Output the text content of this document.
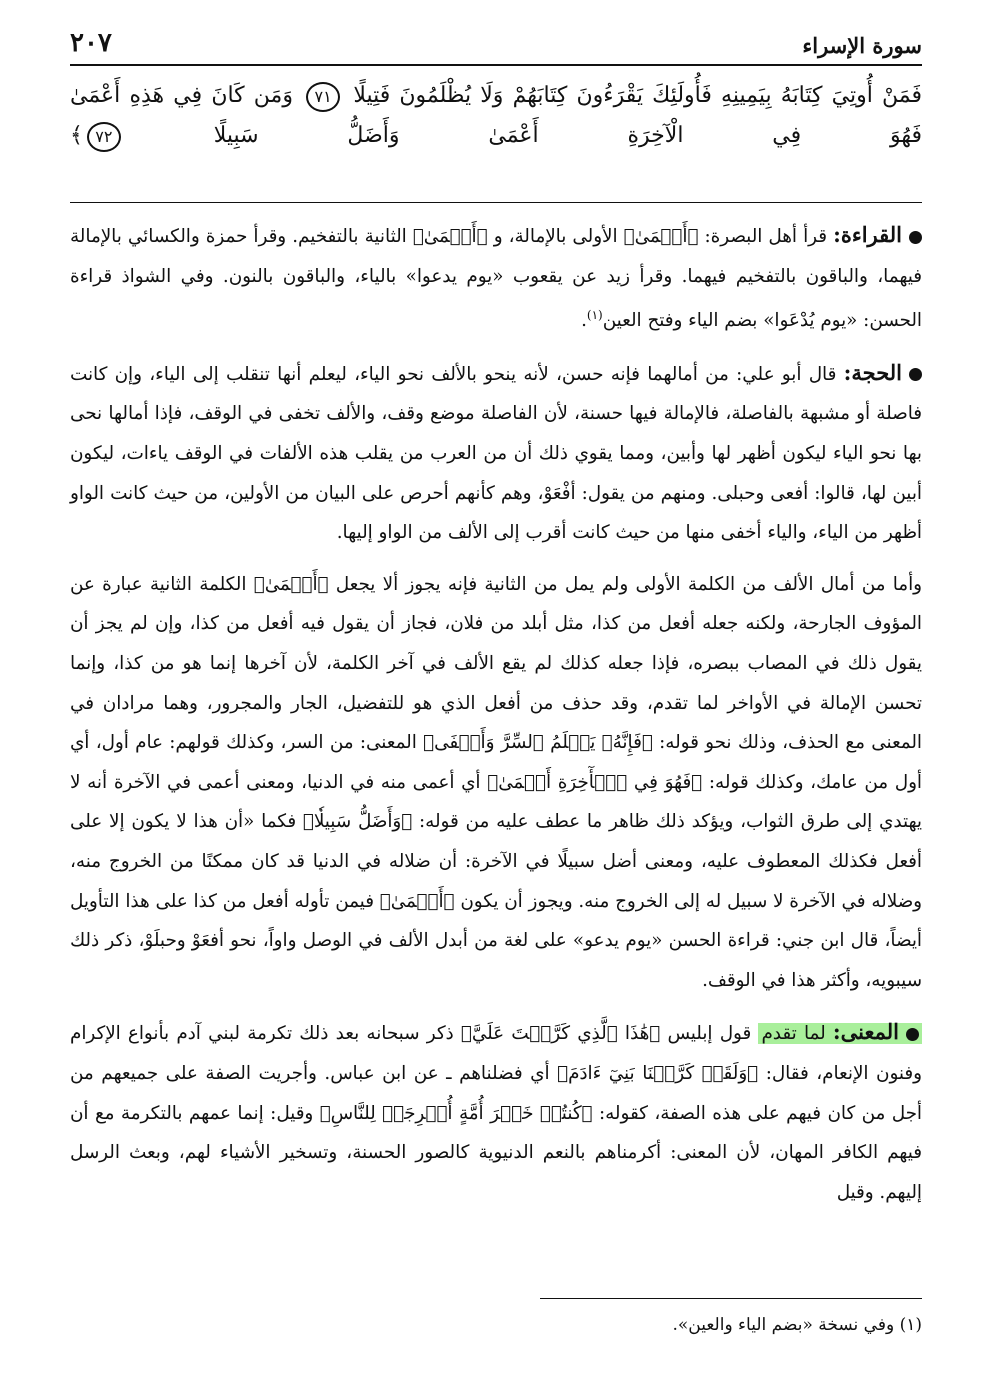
سورة الإسراء
٢٠٧
فَمَنْ أُوتِيَ كِتَابَهُ بِيَمِينِهِ فَأُولَئِكَ يَقْرَءُونَ كِتَابَهُمْ وَلَا يُظْلَمُونَ فَتِيلًا ٧١ وَمَن كَانَ فِي هَذِهِ أَعْمَىٰ فَهُوَ فِي الْآخِرَةِ أَعْمَىٰ وَأَضَلُّ سَبِيلًا ٧٢﴾

القراءة: قرأ أهل البصرة: ﴿أَعۡمَىٰ﴾ الأولى بالإمالة، و ﴿أَعۡمَىٰ﴾ الثانية بالتفخيم. وقرأ حمزة والكسائي بالإمالة فيهما، والباقون بالتفخيم فيهما. وقرأ زيد عن يقعوب «يوم يدعوا» بالياء، والباقون بالنون. وفي الشواذ قراءة الحسن: «يوم يُدْعَوا» بضم الياء وفتح العين$^{(١)}$.

الحجة: قال أبو علي: من أمالهما فإنه حسن، لأنه ينحو بالألف نحو الياء، ليعلم أنها تنقلب إلى الياء، وإن كانت فاصلة أو مشبهة بالفاصلة، فالإمالة فيها حسنة، لأن الفاصلة موضع وقف، والألف تخفى في الوقف، فإذا أمالها نحى بها نحو الياء ليكون أظهر لها وأبين، ومما يقوي ذلك أن من العرب من يقلب هذه الألفات في الوقف ياءات، ليكون أبين لها، قالوا: أفعى وحبلى. ومنهم من يقول: أفْعَوْ، وهم كأنهم أحرص على البيان من الأولين، من حيث كانت الواو أظهر من الياء، والياء أخفى منها من حيث كانت أقرب إلى الألف من الواو إليها.

وأما من أمال الألف من الكلمة الأولى ولم يمل من الثانية فإنه يجوز ألا يجعل ﴿أَعۡمَىٰ﴾ الكلمة الثانية عبارة عن المؤوف الجارحة، ولكنه جعله أفعل من كذا، مثل أبلد من فلان، فجاز أن يقول فيه أفعل من كذا، وإن لم يجز أن يقول ذلك في المصاب ببصره، فإذا جعله كذلك لم يقع الألف في آخر الكلمة، لأن آخرها إنما هو من كذا، وإنما تحسن الإمالة في الأواخر لما تقدم، وقد حذف من أفعل الذي هو للتفضيل، الجار والمجرور، وهما مرادان في المعنى مع الحذف، وذلك نحو قوله: ﴿فَإِنَّهُۥ يَعۡلَمُ ٱلسِّرَّ وَأَخۡفَى﴾ المعنى: من السر، وكذلك قولهم: عام أول، أي أول من عامك، وكذلك قوله: ﴿فَهُوَ فِي ٱلۡأٓخِرَةِ أَعۡمَىٰ﴾ أي أعمى منه في الدنيا، ومعنى أعمى في الآخرة أنه لا يهتدي إلى طرق الثواب، ويؤكد ذلك ظاهر ما عطف عليه من قوله: ﴿وَأَضَلُّ سَبِيلٗا﴾ فكما «أن هذا لا يكون إلا على أفعل فكذلك المعطوف عليه، ومعنى أضل سبيلًا في الآخرة: أن ضلاله في الدنيا قد كان ممكنًا من الخروج منه، وضلاله في الآخرة لا سبيل له إلى الخروج منه. ويجوز أن يكون ﴿أَعۡمَىٰ﴾ فيمن تأوله أفعل من كذا على هذا التأويل أيضاً، قال ابن جني: قراءة الحسن «يوم يدعو» على لغة من أبدل الألف في الوصل واواً، نحو أفعَوْ وحبلَوْ، ذكر ذلك سيبويه، وأكثر هذا في الوقف.

المعنى: لما تقدم قول إبليس ﴿هَٰذَا ٱلَّذِي كَرَّمۡتَ عَلَيَّ﴾ ذكر سبحانه بعد ذلك تكرمة لبني آدم بأنواع الإكرام وفنون الإنعام، فقال: ﴿وَلَقَدۡ كَرَّمۡنَا بَنِيٓ ءَادَمَ﴾ أي فضلناهم ـ عن ابن عباس. وأجريت الصفة على جميعهم من أجل من كان فيهم على هذه الصفة، كقوله: ﴿كُنتُمۡ خَيۡرَ أُمَّةٍ أُخۡرِجَتۡ لِلنَّاسِ﴾ وقيل: إنما عمهم بالتكرمة مع أن فيهم الكافر المهان، لأن المعنى: أكرمناهم بالنعم الدنيوية كالصور الحسنة، وتسخير الأشياء لهم، وبعث الرسل إليهم. وقيل

(١) وفي نسخة «بضم الياء والعين».
